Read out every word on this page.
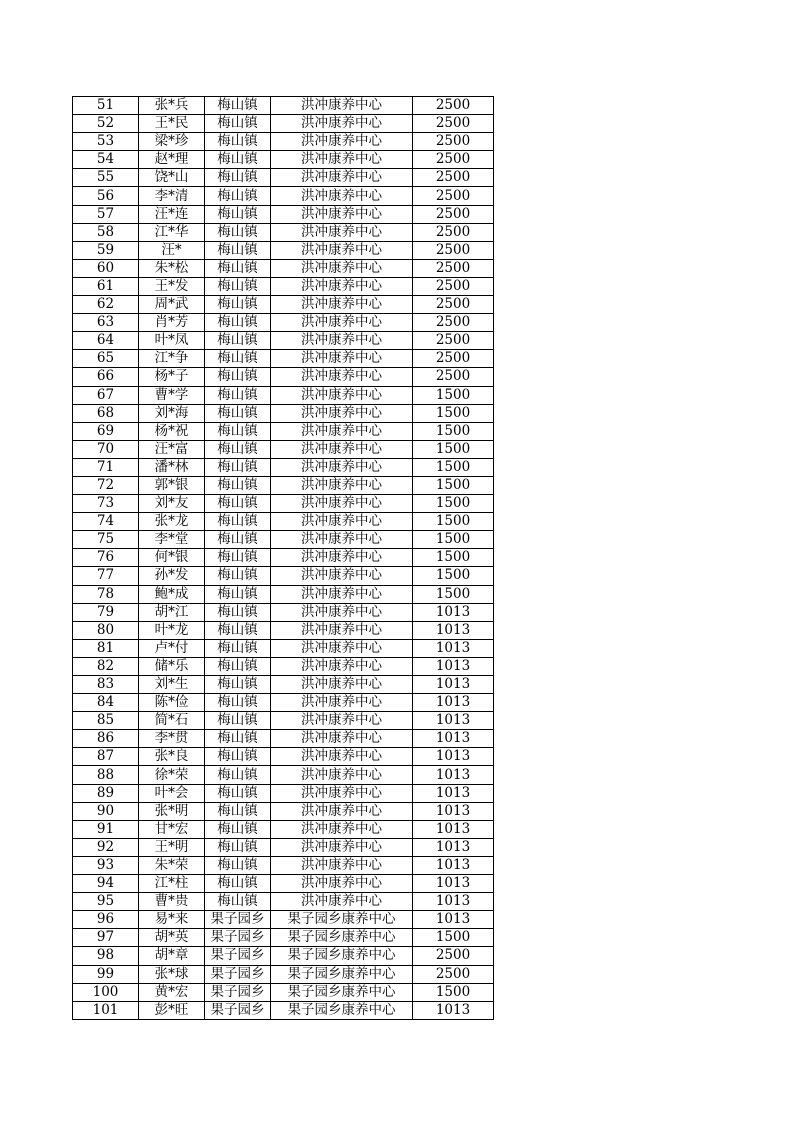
51	张*兵	梅山镇	洪冲康养中心	2500
52	王*民	梅山镇	洪冲康养中心	2500
53	梁*珍	梅山镇	洪冲康养中心	2500
54	赵*理	梅山镇	洪冲康养中心	2500
55	饶*山	梅山镇	洪冲康养中心	2500
56	李*清	梅山镇	洪冲康养中心	2500
57	汪*连	梅山镇	洪冲康养中心	2500
58	江*华	梅山镇	洪冲康养中心	2500
59	汪*	梅山镇	洪冲康养中心	2500
60	朱*松	梅山镇	洪冲康养中心	2500
61	王*发	梅山镇	洪冲康养中心	2500
62	周*武	梅山镇	洪冲康养中心	2500
63	肖*芳	梅山镇	洪冲康养中心	2500
64	叶*凤	梅山镇	洪冲康养中心	2500
65	江*争	梅山镇	洪冲康养中心	2500
66	杨*子	梅山镇	洪冲康养中心	2500
67	曹*学	梅山镇	洪冲康养中心	1500
68	刘*海	梅山镇	洪冲康养中心	1500
69	杨*祝	梅山镇	洪冲康养中心	1500
70	汪*富	梅山镇	洪冲康养中心	1500
71	潘*林	梅山镇	洪冲康养中心	1500
72	郭*银	梅山镇	洪冲康养中心	1500
73	刘*友	梅山镇	洪冲康养中心	1500
74	张*龙	梅山镇	洪冲康养中心	1500
75	李*堂	梅山镇	洪冲康养中心	1500
76	何*银	梅山镇	洪冲康养中心	1500
77	孙*发	梅山镇	洪冲康养中心	1500
78	鲍*成	梅山镇	洪冲康养中心	1500
79	胡*江	梅山镇	洪冲康养中心	1013
80	叶*龙	梅山镇	洪冲康养中心	1013
81	卢*付	梅山镇	洪冲康养中心	1013
82	储*乐	梅山镇	洪冲康养中心	1013
83	刘*生	梅山镇	洪冲康养中心	1013
84	陈*俭	梅山镇	洪冲康养中心	1013
85	简*石	梅山镇	洪冲康养中心	1013
86	李*贯	梅山镇	洪冲康养中心	1013
87	张*良	梅山镇	洪冲康养中心	1013
88	徐*荣	梅山镇	洪冲康养中心	1013
89	叶*会	梅山镇	洪冲康养中心	1013
90	张*明	梅山镇	洪冲康养中心	1013
91	甘*宏	梅山镇	洪冲康养中心	1013
92	王*明	梅山镇	洪冲康养中心	1013
93	朱*荣	梅山镇	洪冲康养中心	1013
94	江*柱	梅山镇	洪冲康养中心	1013
95	曹*贵	梅山镇	洪冲康养中心	1013
96	易*来	果子园乡	果子园乡康养中心	1013
97	胡*英	果子园乡	果子园乡康养中心	1500
98	胡*章	果子园乡	果子园乡康养中心	2500
99	张*球	果子园乡	果子园乡康养中心	2500
100	黄*宏	果子园乡	果子园乡康养中心	1500
101	彭*旺	果子园乡	果子园乡康养中心	1013
